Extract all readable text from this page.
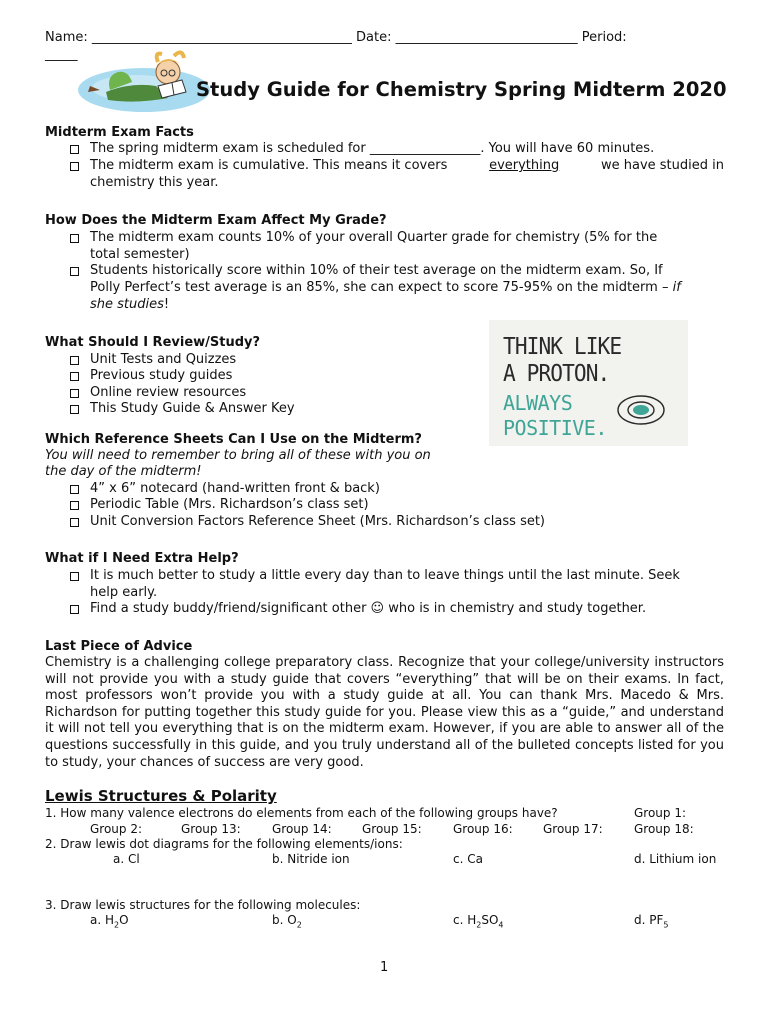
Name: ________________________________________ Date: ____________________________ Period:
_____
Study Guide for Chemistry Spring Midterm 2020
Midterm Exam Facts
The spring midterm exam is scheduled for _________________. You will have 60 minutes.
The midterm exam is cumulative. This means it covers	everything	we have studied in
chemistry this year.
How Does the Midterm Exam Affect My Grade?
The midterm exam counts 10% of your overall Quarter grade for chemistry (5% for the
total semester)
Students historically score within 10% of their test average on the midterm exam. So, If
Polly Perfect’s test average is an 85%, she can expect to score 75-95% on the midterm – if
she studies!
What Should I Review/Study?
Unit Tests and Quizzes
Previous study guides
Online review resources
This Study Guide & Answer Key
THINK LIKE
A PROTON.
ALWAYS
POSITIVE.
Which Reference Sheets Can I Use on the Midterm?
You will need to remember to bring all of these with you on
the day of the midterm!
4” x 6” notecard (hand-written front & back)
Periodic Table (Mrs. Richardson’s class set)
Unit Conversion Factors Reference Sheet (Mrs. Richardson’s class set)
What if I Need Extra Help?
It is much better to study a little every day than to leave things until the last minute. Seek
help early.
Find a study buddy/friend/significant other ☺ who is in chemistry and study together.
Last Piece of Advice
Chemistry is a challenging college preparatory class. Recognize that your college/university instructors will not provide you with a study guide that covers “everything” that will be on their exams. In fact, most professors won’t provide you with a study guide at all. You can thank Mrs. Macedo & Mrs. Richardson for putting together this study guide for you. Please view this as a “guide,” and understand it will not tell you everything that is on the midterm exam. However, if you are able to answer all of the questions successfully in this guide, and you truly understand all of the bulleted concepts listed for you to study, your chances of success are very good.
Lewis Structures & Polarity
1. How many valence electrons do elements from each of the following groups have?	Group 1:
Group 2:	Group 13:	Group 14:	Group 15:	Group 16:	Group 17:	Group 18:
2. Draw lewis dot diagrams for the following elements/ions:
a. Cl	b. Nitride ion	c. Ca	d. Lithium ion
3. Draw lewis structures for the following molecules:
a. $H_2O$	b. $O_2$	c. $H_2SO_4$	d. $PF_5$
1
